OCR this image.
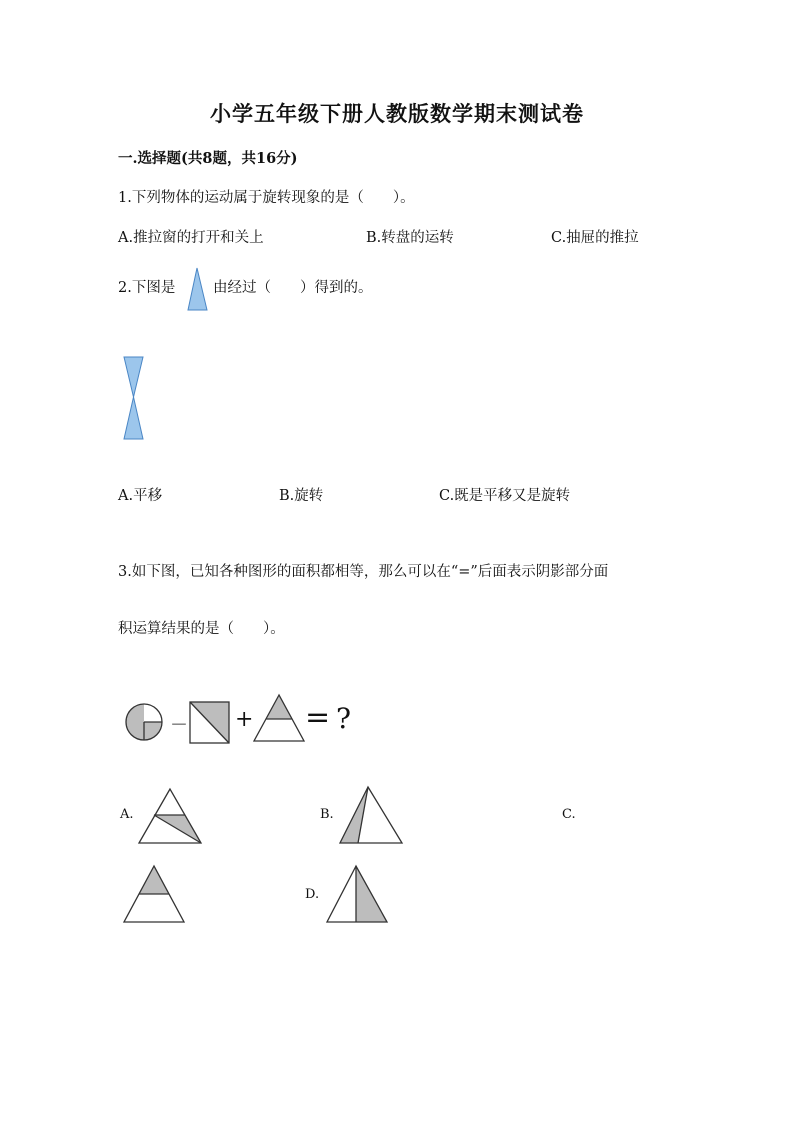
小学五年级下册人教版数学期末测试卷
一.选择题(共8题，共16分)
1.下列物体的运动属于旋转现象的是（　　）。
A.推拉窗的打开和关上	B.转盘的运转	C.抽屉的推拉
2.下图是	由经过（　　）得到的。
A.平移	B.旋转	C.既是平移又是旋转
3.如下图，已知各种图形的面积都相等，那么可以在“=”后面表示阴影部分面
积运算结果的是（　　）。
－ + = ?
A.	B.	C.
D.
